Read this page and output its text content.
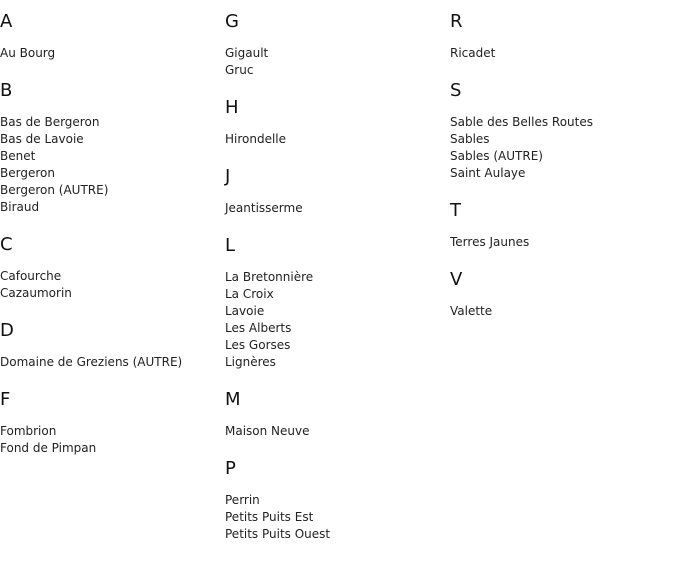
A
Au Bourg
B
Bas de Bergeron
Bas de Lavoie
Benet
Bergeron
Bergeron (AUTRE)
Biraud
C
Cafourche
Cazaumorin
D
Domaine de Greziens (AUTRE)
F
Fombrion
Fond de Pimpan
G
Gigault
Gruc
H
Hirondelle
J
Jeantisserme
L
La Bretonnière
La Croix
Lavoie
Les Alberts
Les Gorses
Lignères
M
Maison Neuve
P
Perrin
Petits Puits Est
Petits Puits Ouest
R
Ricadet
S
Sable des Belles Routes
Sables
Sables (AUTRE)
Saint Aulaye
T
Terres Jaunes
V
Valette
